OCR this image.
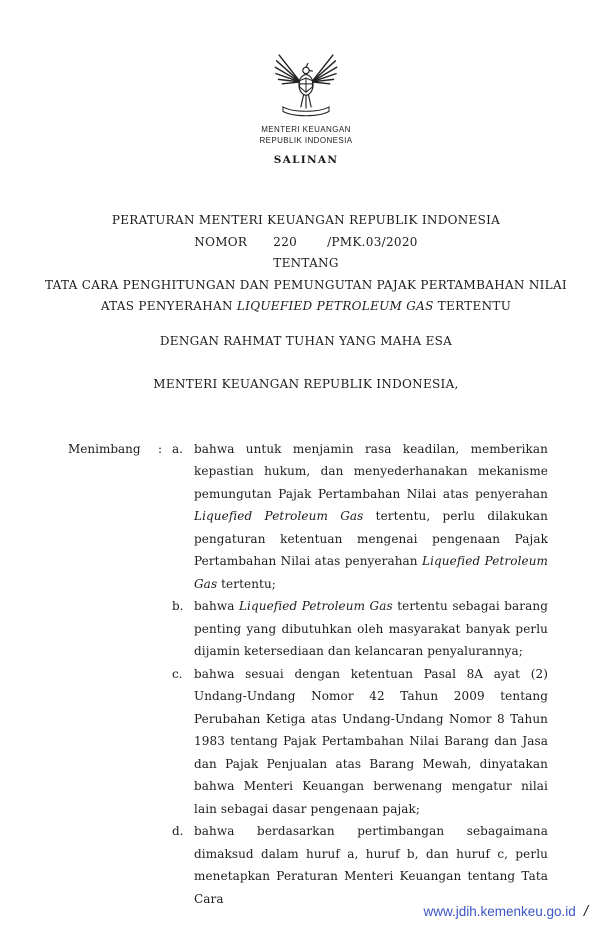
MENTERI KEUANGAN
REPUBLIK INDONESIA
SALINAN
PERATURAN MENTERI KEUANGAN REPUBLIK INDONESIA
NOMOR 220	/PMK.03/2020
TENTANG
TATA CARA PENGHITUNGAN DAN PEMUNGUTAN PAJAK PERTAMBAHAN NILAI
ATAS PENYERAHAN LIQUEFIED PETROLEUM GAS TERTENTU
DENGAN RAHMAT TUHAN YANG MAHA ESA
MENTERI KEUANGAN REPUBLIK INDONESIA,
Menimbang	: a. bahwa untuk menjamin rasa keadilan, memberikan kepastian hukum, dan menyederhanakan mekanisme pemungutan Pajak Pertambahan Nilai atas penyerahan Liquefied Petroleum Gas tertentu, perlu dilakukan pengaturan ketentuan mengenai pengenaan Pajak Pertambahan Nilai atas penyerahan Liquefied Petroleum Gas tertentu;
b. bahwa Liquefied Petroleum Gas tertentu sebagai barang penting yang dibutuhkan oleh masyarakat banyak perlu dijamin ketersediaan dan kelancaran penyalurannya;
c. bahwa sesuai dengan ketentuan Pasal 8A ayat (2) Undang-Undang Nomor 42 Tahun 2009 tentang Perubahan Ketiga atas Undang-Undang Nomor 8 Tahun 1983 tentang Pajak Pertambahan Nilai Barang dan Jasa dan Pajak Penjualan atas Barang Mewah, dinyatakan bahwa Menteri Keuangan berwenang mengatur nilai lain sebagai dasar pengenaan pajak;
d. bahwa berdasarkan pertimbangan sebagaimana dimaksud dalam huruf a, huruf b, dan huruf c, perlu menetapkan Peraturan Menteri Keuangan tentang Tata Cara
www.jdih.kemenkeu.go.id /
